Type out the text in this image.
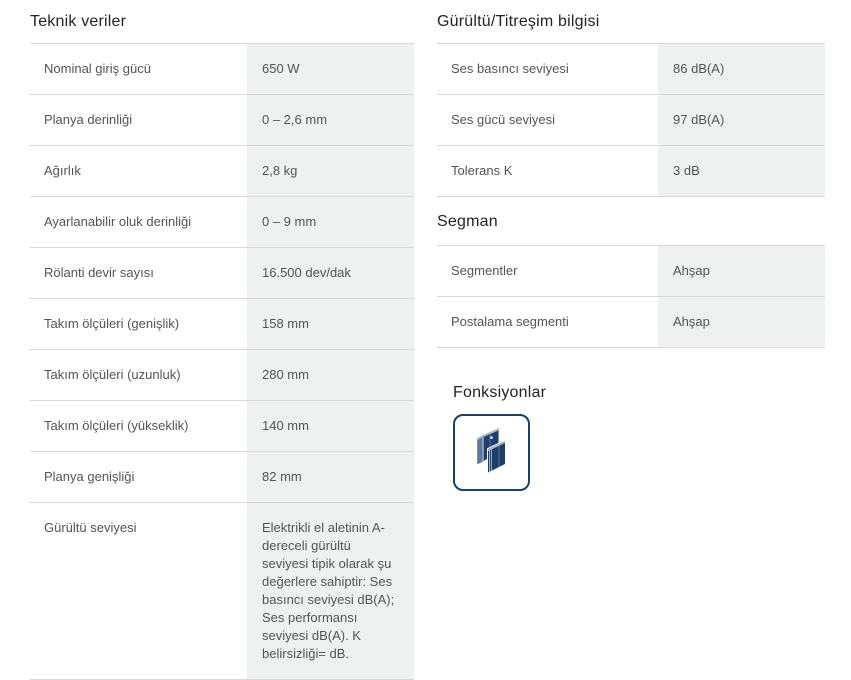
Teknik veriler
Nominal giriş gücü	650 W
Planya derinliği	0 – 2,6 mm
Ağırlık	2,8 kg
Ayarlanabilir oluk derinliği	0 – 9 mm
Rölanti devir sayısı	16.500 dev/dak
Takım ölçüleri (genişlik)	158 mm
Takım ölçüleri (uzunluk)	280 mm
Takım ölçüleri (yükseklik)	140 mm
Planya genişliği	82 mm
Gürültü seviyesi	Elektrikli el aletinin A-dereceli gürültü seviyesi tipik olarak şu değerlere sahiptir: Ses basıncı seviyesi dB(A); Ses performansı seviyesi dB(A). K belirsizliği= dB.
Gürültü/Titreşim bilgisi
Ses basıncı seviyesi	86 dB(A)
Ses gücü seviyesi	97 dB(A)
Tolerans K	3 dB
Segman
Segmentler	Ahşap
Postalama segmenti	Ahşap
Fonksiyonlar
